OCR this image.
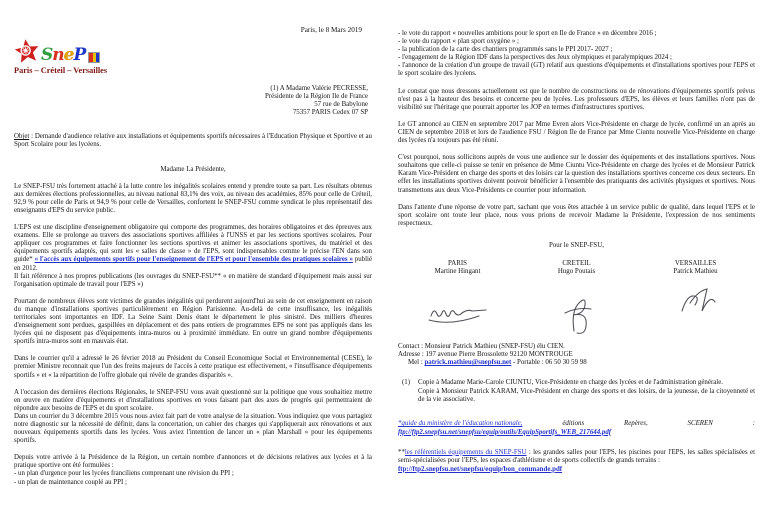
Paris, le 8 Mars 2019
SneP
Paris – Créteil – Versailles
(1) A Madame Valérie PECRESSE,
Présidente de la Région Ile de France
57 rue de Babylone
75357 PARIS Cedex 07 SP
Objet : Demande d'audience relative aux installations et équipements sportifs nécessaires à l'Education Physique et Sportive et au Sport Scolaire pour les lycéens.
Madame La Présidente,
Le SNEP-FSU très fortement attaché à la lutte contre les inégalités scolaires entend y prendre toute sa part. Les résultats obtenus aux dernières élections professionnelles, au niveau national 83,1% des voix, au niveau des académies, 85% pour celle de Créteil, 92,9 % pour celle de Paris et 94,9 % pour celle de Versailles, confortent le SNEP-FSU comme syndicat le plus représentatif des enseignants d'EPS du service public.
L'EPS est une discipline d'enseignement obligatoire qui comporte des programmes, des horaires obligatoires et des épreuves aux examens. Elle se prolonge au travers des associations sportives affiliées à l'UNSS et par les sections sportives scolaires. Pour appliquer ces programmes et faire fonctionner les sections sportives et animer les associations sportives, du matériel et des équipements sportifs adaptés, qui sont les « salles de classe » de l'EPS, sont indispensables comme le précise l'EN dans son guide* « l'accès aux équipements sportifs pour l'enseignement de l'EPS et pour l'ensemble des pratiques scolaires » publié en 2012.
Il fait référence à nos propres publications (les ouvrages du SNEP-FSU** « en matière de standard d'équipement mais aussi sur l'organisation optimale de travail pour l'EPS »)
Pourtant de nombreux élèves sont victimes de grandes inégalités qui perdurent aujourd'hui au sein de cet enseignement en raison du manque d'installations sportives particulièrement en Région Parisienne. Au-delà de cette insuffisance, les inégalités territoriales sont importantes en IDF. La Seine Saint Denis étant le département le plus sinistré. Des milliers d'heures d'enseignement sont perdues, gaspillées en déplacement et des pans entiers de programmes EPS ne sont pas appliqués dans les lycées qui ne disposent pas d'équipements intra-muros ou à proximité immédiate. En outre un grand nombre d'équipements sportifs intra-muros sont en mauvais état.
Dans le courrier qu'il a adressé le 26 février 2018 au Président du Conseil Economique Social et Environnemental (CESE), le premier Ministre reconnait que l'un des freins majeurs de l'accès à cette pratique est effectivement, « l'insuffisance d'équipements sportifs » et « la répartition de l'offre globale qui révèle de grandes disparités ».
A l'occasion des dernières élections Régionales, le SNEP-FSU vous avait questionné sur la politique que vous souhaitiez mettre en œuvre en matière d'équipements et d'installations sportives en vous faisant part des axes de progrès qui permettraient de répondre aux besoins de l'EPS et du sport scolaire.
Dans un courrier du 3 décembre 2015 vous nous aviez fait part de votre analyse de la situation. Vous indiquiez que vous partagiez notre diagnostic sur la nécessité de définir, dans la concertation, un cahier des charges qui s'appliquerait aux rénovations et aux nouveaux équipements sportifs dans les lycées. Vous aviez l'intention de lancer un « plan Marshall » pour les équipements sportifs.
Depuis votre arrivée à la Présidence de la Région, un certain nombre d'annonces et de décisions relatives aux lycées et à la pratique sportive ont été formulées :
- un plan d'urgence pour les lycées franciliens comprenant une révision du PPI ;
- un plan de maintenance couplé au PPI ;
- le vote du rapport « nouvelles ambitions pour le sport en Ile de France » en décembre 2016 ;
- le vote du rapport « plan sport oxygène » ;
- la publication de la carte des chantiers programmés sans le PPI 2017- 2027 ;
- l'engagement de la Région IDF dans la perspectives des Jeux olympiques et paralympiques 2024 ;
- l'annonce de la création d'un groupe de travail (GT) relatif aux questions d'équipements et d'installations sportives pour l'EPS et le sport scolaire des lycéens.
Le constat que nous dressons actuellement est que le nombre de constructions ou de rénovations d'équipements sportifs prévus n'est pas à la hauteur des besoins et concerne peu de lycées. Les professeurs d'EPS, les élèves et leurs familles n'ont pas de visibilité sur l'héritage que pourrait apporter les JOP en termes d'infrastructures sportives.
Le GT annoncé au CIEN en septembre 2017 par Mme Evren alors Vice-Présidente en charge de lycée, confirmé un an après au CIEN de septembre 2018 et lors de l'audience FSU / Région Ile de France par Mme Ciuntu nouvelle Vice-Présidente en charge des lycées n'a toujours pas été réuni.
C'est pourquoi, nous sollicitons auprès de vous une audience sur le dossier des équipements et des installations sportives. Nous souhaitons que celle-ci puisse se tenir en présence de Mme Ciuntu Vice-Présidente en charge des lycées et de Monsieur Patrick Karam Vice-Président en charge des sports et des loisirs car la question des installations sportives concerne ces deux secteurs. En effet les installations sportives doivent pouvoir bénéficier à l'ensemble des pratiquants des activités physiques et sportives. Nous transmettons aux deux Vice-Présidents ce courrier pour information.
Dans l'attente d'une réponse de votre part, sachant que vous êtes attachée à un service public de qualité, dans lequel l'EPS et le sport scolaire ont toute leur place, nous vous prions de recevoir Madame la Présidente, l'expression de nos sentiments respectueux.
Pour le SNEP-FSU,
PARIS
Martine Hingant
CRETEIL
Hugo Poutais
VERSAILLES
Patrick Mathieu
Contact : Monsieur Patrick Mathieu (SNEP-FSU) élu CIEN.
Adresse : 197 avenue Pierre Brossolette 92120 MONTROUGE
Mel : patrick.mathieu@snepfsu.net - Portable : 06 50 30 59 98
(1)	Copie à Madame Marie-Carole CIUNTU, Vice-Présidente en charge des lycées et de l'administration générale.
Copie à Monsieur Patrick KARAM, Vice-Président en charge des sports et des loisirs, de la jeunesse, de la citoyenneté et de la vie associative.
*guide du ministère de l'éducation nationale,	éditions	Repères,	SCEREN	:
ftp://ftp2.snepfsu.net/snepfsu/equip/outils/EquipSportifs_WEB_217644.pdf
**les référentiels équipements du SNEP-FSU : les grandes salles pour l'EPS, les piscines pour l'EPS, les salles spécialisées et semi-spécialisées pour l'EPS, les espaces d'athlétisme et de sports collectifs de grands terrains :
ftp://ftp2.snepfsu.net/snepfsu/equip/bon_commande.pdf
